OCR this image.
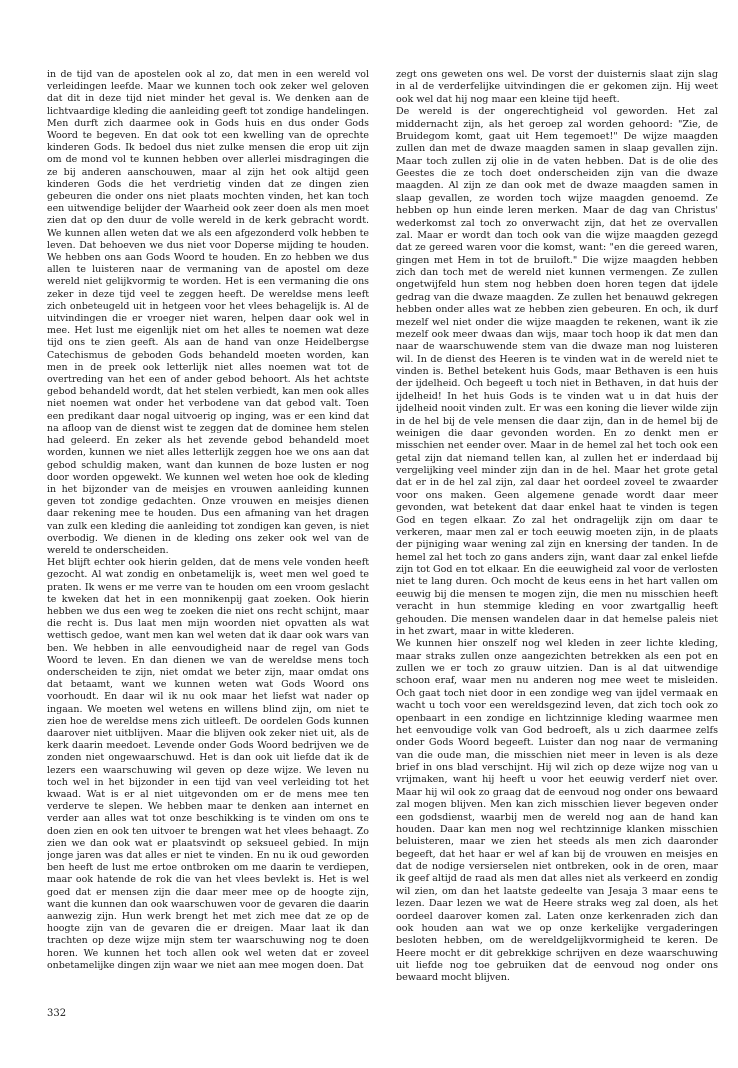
in de tijd van de apostelen ook al zo, dat men in een wereld vol verleidingen leefde. Maar we kunnen toch ook zeker wel geloven dat dit in deze tijd niet minder het geval is. We denken aan de lichtvaardige kleding die aanleiding geeft tot zondige handelingen. Men durft zich daarmee ook in Gods huis en dus onder Gods Woord te begeven. En dat ook tot een kwelling van de oprechte kinderen Gods. Ik bedoel dus niet zulke mensen die erop uit zijn om de mond vol te kunnen hebben over allerlei misdragingen die ze bij anderen aanschouwen, maar al zijn het ook altijd geen kinderen Gods die het verdrietig vinden dat ze dingen zien gebeuren die onder ons niet plaats mochten vinden, het kan toch een uitwendige belijder der Waarheid ook zeer doen als men moet zien dat op den duur de volle wereld in de kerk gebracht wordt. We kunnen allen weten dat we als een afgezonderd volk hebben te leven. Dat behoeven we dus niet voor Doperse mijding te houden. We hebben ons aan Gods Woord te houden. En zo hebben we dus allen te luisteren naar de vermaning van de apostel om deze wereld niet gelijkvormig te worden. Het is een vermaning die ons zeker in deze tijd veel te zeggen heeft. De wereldse mens leeft zich onbeteugeld uit in hetgeen voor het vlees behagelijk is. Al de uitvindingen die er vroeger niet waren, helpen daar ook wel in mee. Het lust me eigenlijk niet om het alles te noemen wat deze tijd ons te zien geeft. Als aan de hand van onze Heidelbergse Catechismus de geboden Gods behandeld moeten worden, kan men in de preek ook letterlijk niet alles noemen wat tot de overtreding van het een of ander gebod behoort. Als het achtste gebod behandeld wordt, dat het stelen verbiedt, kan men ook alles niet noemen wat onder het verbodene van dat gebod valt. Toen een predikant daar nogal uitvoerig op inging, was er een kind dat na afloop van de dienst wist te zeggen dat de dominee hem stelen had geleerd. En zeker als het zevende gebod behandeld moet worden, kunnen we niet alles letterlijk zeggen hoe we ons aan dat gebod schuldig maken, want dan kunnen de boze lusten er nog door worden opgewekt. We kunnen wel weten hoe ook de kleding in het bijzonder van de meisjes en vrouwen aanleiding kunnen geven tot zondige gedachten. Onze vrouwen en meisjes dienen daar rekening mee te houden. Dus een afmaning van het dragen van zulk een kleding die aanleiding tot zondigen kan geven, is niet overbodig. We dienen in de kleding ons zeker ook wel van de wereld te onderscheiden.

Het blijft echter ook hierin gelden, dat de mens vele vonden heeft gezocht. Al wat zondig en onbetamelijk is, weet men wel goed te praten. Ik wens er me verre van te houden om een vroom geslacht te kweken dat het in een monnikenpij gaat zoeken. Ook hierin hebben we dus een weg te zoeken die niet ons recht schijnt, maar die recht is. Dus laat men mijn woorden niet opvatten als wat wettisch gedoe, want men kan wel weten dat ik daar ook wars van ben. We hebben in alle eenvoudigheid naar de regel van Gods Woord te leven. En dan dienen we van de wereldse mens toch onderscheiden te zijn, niet omdat we beter zijn, maar omdat ons dat betaamt, want we kunnen weten wat Gods Woord ons voorhoudt. En daar wil ik nu ook maar het liefst wat nader op ingaan. We moeten wel wetens en willens blind zijn, om niet te zien hoe de wereldse mens zich uitleeft. De oordelen Gods kunnen daarover niet uitblijven. Maar die blijven ook zeker niet uit, als de kerk daarin meedoet. Levende onder Gods Woord bedrijven we de zonden niet ongewaarschuwd. Het is dan ook uit liefde dat ik de lezers een waarschuwing wil geven op deze wijze. We leven nu toch wel in het bijzonder in een tijd van veel verleiding tot het kwaad. Wat is er al niet uitgevonden om er de mens mee ten verderve te slepen. We hebben maar te denken aan internet en verder aan alles wat tot onze beschikking is te vinden om ons te doen zien en ook ten uitvoer te brengen wat het vlees behaagt. Zo zien we dan ook wat er plaatsvindt op seksueel gebied. In mijn jonge jaren was dat alles er niet te vinden. En nu ik oud geworden ben heeft de lust me ertoe ontbroken om me daarin te verdiepen, maar ook hatende de rok die van het vlees bevlekt is. Het is wel goed dat er mensen zijn die daar meer mee op de hoogte zijn, want die kunnen dan ook waarschuwen voor de gevaren die daarin aanwezig zijn. Hun werk brengt het met zich mee dat ze op de hoogte zijn van de gevaren die er dreigen. Maar laat ik dan trachten op deze wijze mijn stem ter waarschuwing nog te doen horen. We kunnen het toch allen ook wel weten dat er zoveel onbetamelijke dingen zijn waar we niet aan mee mogen doen. Dat

zegt ons geweten ons wel. De vorst der duisternis slaat zijn slag in al de verderfelijke uitvindingen die er gekomen zijn. Hij weet ook wel dat hij nog maar een kleine tijd heeft.

De wereld is der ongerechtigheid vol geworden. Het zal middernacht zijn, als het geroep zal worden gehoord: "Zie, de Bruidegom komt, gaat uit Hem tegemoet!" De wijze maagden zullen dan met de dwaze maagden samen in slaap gevallen zijn. Maar toch zullen zij olie in de vaten hebben. Dat is de olie des Geestes die ze toch doet onderscheiden zijn van die dwaze maagden. Al zijn ze dan ook met de dwaze maagden samen in slaap gevallen, ze worden toch wijze maagden genoemd. Ze hebben op hun einde leren merken. Maar de dag van Christus' wederkomst zal toch zo onverwacht zijn, dat het ze overvallen zal. Maar er wordt dan toch ook van die wijze maagden gezegd dat ze gereed waren voor die komst, want: "en die gereed waren, gingen met Hem in tot de bruiloft." Die wijze maagden hebben zich dan toch met de wereld niet kunnen vermengen. Ze zullen ongetwijfeld hun stem nog hebben doen horen tegen dat ijdele gedrag van die dwaze maagden. Ze zullen het benauwd gekregen hebben onder alles wat ze hebben zien gebeuren. En och, ik durf mezelf wel niet onder die wijze maagden te rekenen, want ik zie mezelf ook meer dwaas dan wijs, maar toch hoop ik dat men dan naar de waarschuwende stem van die dwaze man nog luisteren wil. In de dienst des Heeren is te vinden wat in de wereld niet te vinden is. Bethel betekent huis Gods, maar Bethaven is een huis der ijdelheid. Och begeeft u toch niet in Bethaven, in dat huis der ijdelheid! In het huis Gods is te vinden wat u in dat huis der ijdelheid nooit vinden zult. Er was een koning die liever wilde zijn in de hel bij de vele mensen die daar zijn, dan in de hemel bij de weinigen die daar gevonden worden. En zo denkt men er misschien net eender over. Maar in de hemel zal het toch ook een getal zijn dat niemand tellen kan, al zullen het er inderdaad bij vergelijking veel minder zijn dan in de hel. Maar het grote getal dat er in de hel zal zijn, zal daar het oordeel zoveel te zwaarder voor ons maken. Geen algemene genade wordt daar meer gevonden, wat betekent dat daar enkel haat te vinden is tegen God en tegen elkaar. Zo zal het ondragelijk zijn om daar te verkeren, maar men zal er toch eeuwig moeten zijn, in de plaats der pijniging waar wening zal zijn en knersing der tanden. In de hemel zal het toch zo gans anders zijn, want daar zal enkel liefde zijn tot God en tot elkaar. En die eeuwigheid zal voor de verlosten niet te lang duren. Och mocht de keus eens in het hart vallen om eeuwig bij die mensen te mogen zijn, die men nu misschien heeft veracht in hun stemmige kleding en voor zwartgallig heeft gehouden. Die mensen wandelen daar in dat hemelse paleis niet in het zwart, maar in witte klederen.

We kunnen hier onszelf nog wel kleden in zeer lichte kleding, maar straks zullen onze aangezichten betrekken als een pot en zullen we er toch zo grauw uitzien. Dan is al dat uitwendige schoon eraf, waar men nu anderen nog mee weet te misleiden. Och gaat toch niet door in een zondige weg van ijdel vermaak en wacht u toch voor een wereldsgezind leven, dat zich toch ook zo openbaart in een zondige en lichtzinnige kleding waarmee men het eenvoudige volk van God bedroeft, als u zich daarmee zelfs onder Gods Woord begeeft. Luister dan nog naar de vermaning van die oude man, die misschien niet meer in leven is als deze brief in ons blad verschijnt. Hij wil zich op deze wijze nog van u vrijmaken, want hij heeft u voor het eeuwig verderf niet over. Maar hij wil ook zo graag dat de eenvoud nog onder ons bewaard zal mogen blijven. Men kan zich misschien liever begeven onder een godsdienst, waarbij men de wereld nog aan de hand kan houden. Daar kan men nog wel rechtzinnige klanken misschien beluisteren, maar we zien het steeds als men zich daaronder begeeft, dat het haar er wel af kan bij de vrouwen en meisjes en dat de nodige versierselen niet ontbreken, ook in de oren, maar ik geef altijd de raad als men dat alles niet als verkeerd en zondig wil zien, om dan het laatste gedeelte van Jesaja 3 maar eens te lezen. Daar lezen we wat de Heere straks weg zal doen, als het oordeel daarover komen zal. Laten onze kerkenraden zich dan ook houden aan wat we op onze kerkelijke vergaderingen besloten hebben, om de wereldgelijkvormigheid te keren. De Heere mocht er dit gebrekkige schrijven en deze waarschuwing uit liefde nog toe gebruiken dat de eenvoud nog onder ons bewaard mocht blijven.

332
